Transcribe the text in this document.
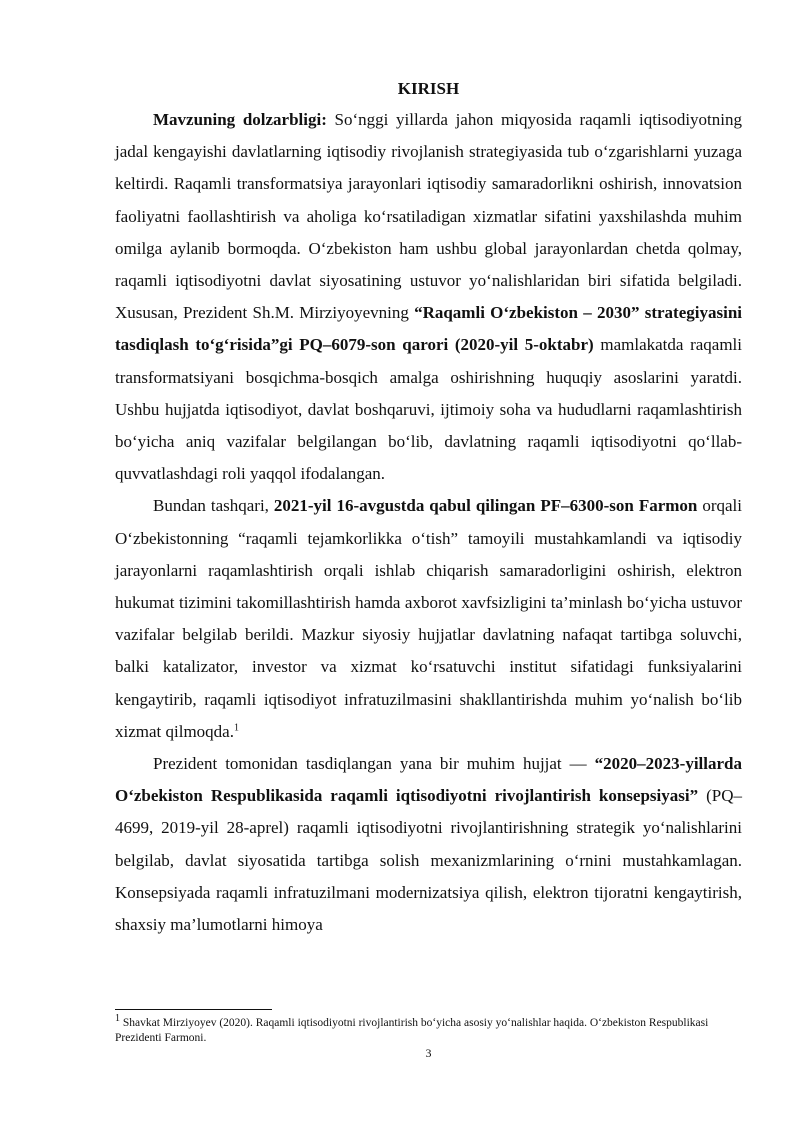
KIRISH

Mavzuning dolzarbligi: So‘nggi yillarda jahon miqyosida raqamli iqtisodiyotning jadal kengayishi davlatlarning iqtisodiy rivojlanish strategiyasida tub o‘zgarishlarni yuzaga keltirdi. Raqamli transformatsiya jarayonlari iqtisodiy samaradorlikni oshirish, innovatsion faoliyatni faollashtirish va aholiga ko‘rsatiladigan xizmatlar sifatini yaxshilashda muhim omilga aylanib bormoqda. O‘zbekiston ham ushbu global jarayonlardan chetda qolmay, raqamli iqtisodiyotni davlat siyosatining ustuvor yo‘nalishlaridan biri sifatida belgiladi. Xususan, Prezident Sh.M. Mirziyoyevning “Raqamli O‘zbekiston – 2030” strategiyasini tasdiqlash to‘g‘risida”gi PQ–6079-son qarori (2020-yil 5-oktabr) mamlakatda raqamli transformatsiyani bosqichma-bosqich amalga oshirishning huquqiy asoslarini yaratdi. Ushbu hujjatda iqtisodiyot, davlat boshqaruvi, ijtimoiy soha va hududlarni raqamlashtirish bo‘yicha aniq vazifalar belgilangan bo‘lib, davlatning raqamli iqtisodiyotni qo‘llab-quvvatlashdagi roli yaqqol ifodalangan.

Bundan tashqari, 2021-yil 16-avgustda qabul qilingan PF–6300-son Farmon orqali O‘zbekistonning “raqamli tejamkorlikka o‘tish” tamoyili mustahkamlandi va iqtisodiy jarayonlarni raqamlashtirish orqali ishlab chiqarish samaradorligini oshirish, elektron hukumat tizimini takomillashtirish hamda axborot xavfsizligini ta’minlash bo‘yicha ustuvor vazifalar belgilab berildi. Mazkur siyosiy hujjatlar davlatning nafaqat tartibga soluvchi, balki katalizator, investor va xizmat ko‘rsatuvchi institut sifatidagi funksiyalarini kengaytirib, raqamli iqtisodiyot infratuzilmasini shakllantirishda muhim yo‘nalish bo‘lib xizmat qilmoqda.$^1$

Prezident tomonidan tasdiqlangan yana bir muhim hujjat — “2020–2023-yillarda O‘zbekiston Respublikasida raqamli iqtisodiyotni rivojlantirish konsepsiyasi” (PQ–4699, 2019-yil 28-aprel) raqamli iqtisodiyotni rivojlantirishning strategik yo‘nalishlarini belgilab, davlat siyosatida tartibga solish mexanizmlarining o‘rnini mustahkamlagan. Konsepsiyada raqamli infratuzilmani modernizatsiya qilish, elektron tijoratni kengaytirish, shaxsiy ma’lumotlarni himoya

$^1$ Shavkat Mirziyoyev (2020). Raqamli iqtisodiyotni rivojlantirish bo‘yicha asosiy yo‘nalishlar haqida. O‘zbekiston Respublikasi Prezidenti Farmoni.
3
